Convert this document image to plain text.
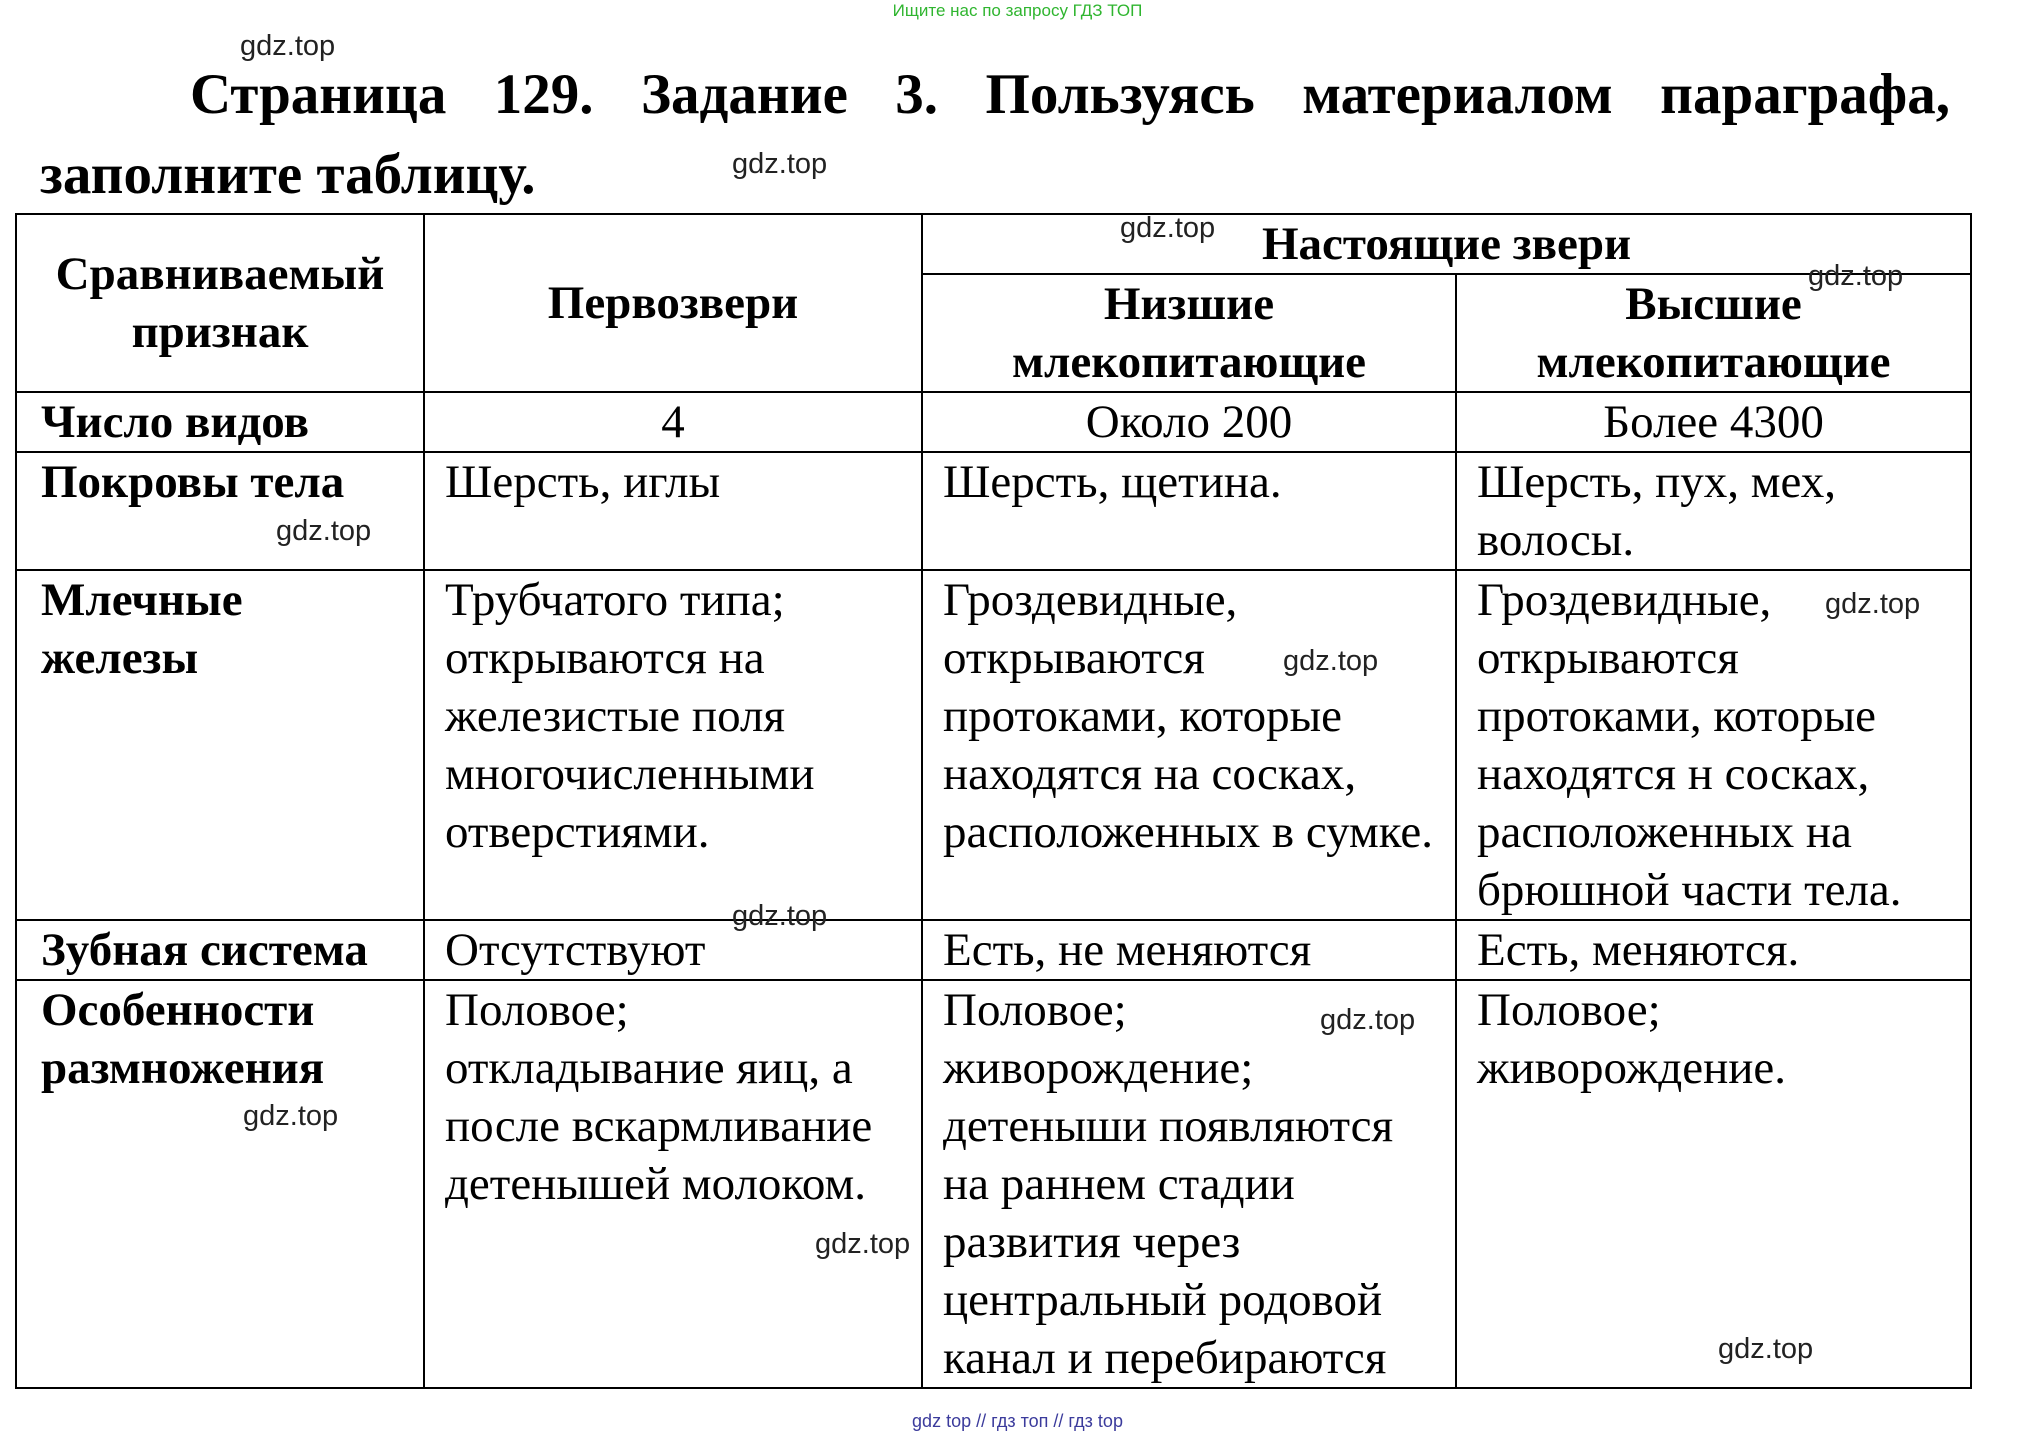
Ищите нас по запросу ГДЗ ТОП
Страница 129. Задание 3. Пользуясь материалом параграфа,
заполните таблицу.
Сравниваемый признак	Первозвери	Настоящие звери	
		Низшие млекопитающие	Высшие млекопитающие
Число видов	4	Около 200	Более 4300
Покровы тела	Шерсть, иглы	Шерсть, щетина.	Шерсть, пух, мех, волосы.
Млечные железы	Трубчатого типа; открываются на железистые поля многочисленными отверстиями.	Гроздевидные, открываются протоками, которые находятся на сосках, расположенных в сумке.	Гроздевидные, открываются протоками, которые находятся н сосках, расположенных на брюшной части тела.
Зубная система	Отсутствуют	Есть, не меняются	Есть, меняются.
Особенности размножения	Половое; откладывание яиц, а после вскармливание детенышей молоком.	Половое; живорождение; детеныши появляются на раннем стадии развития через центральный родовой канал и перебираются	Половое; живорождение.
gdz.top
gdz.top
gdz.top
gdz.top
gdz.top
gdz.top
gdz.top
gdz.top
gdz.top
gdz.top
gdz.top
gdz.top
gdz top // гдз топ // гдз top
